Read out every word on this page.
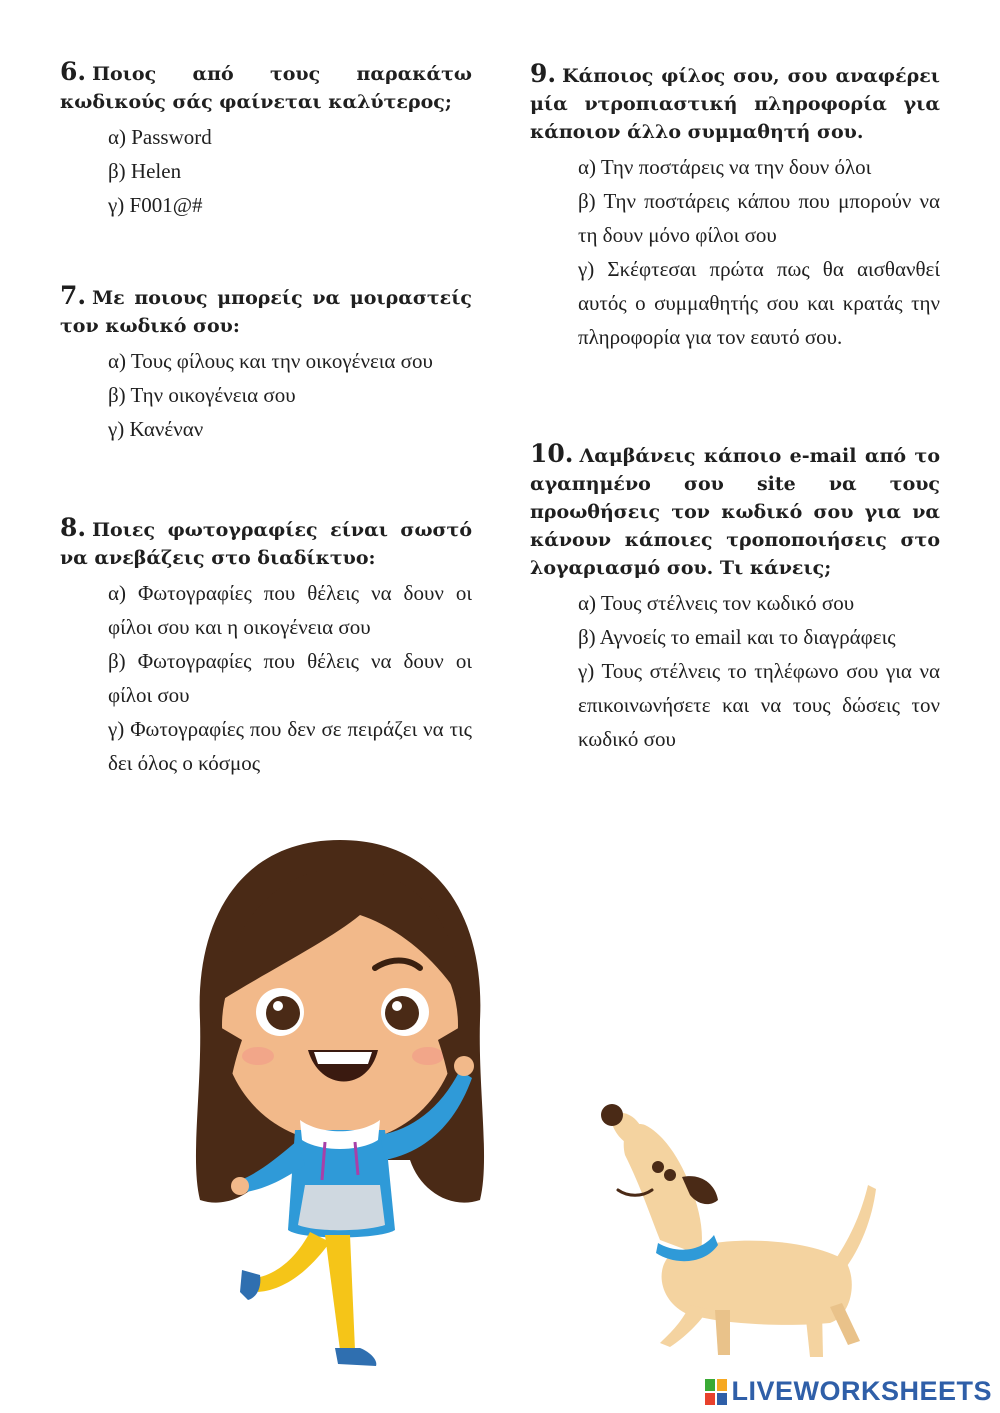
6. Ποιος από τους παρακάτω κωδικούς σάς φαίνεται καλύτερος;

α) Password
β) Helen
γ) F001@#

7. Με ποιους μπορείς να μοιραστείς τον κωδικό σου:

α) Τους φίλους και την οικογένεια σου
β) Την οικογένεια σου
γ) Κανέναν

8. Ποιες φωτογραφίες είναι σωστό να ανεβάζεις στο διαδίκτυο:

α) Φωτογραφίες που θέλεις να δουν οι φίλοι σου και η οικογένεια σου
β) Φωτογραφίες που θέλεις να δουν οι φίλοι σου
γ) Φωτογραφίες που δεν σε πειράζει να τις δει όλος ο κόσμος

9. Κάποιος φίλος σου, σου αναφέρει μία ντροπιαστική πληροφορία για κάποιον άλλο συμμαθητή σου.

α) Την ποστάρεις να την δουν όλοι
β) Την ποστάρεις κάπου που μπορούν να τη δουν μόνο φίλοι σου
γ) Σκέφτεσαι πρώτα πως θα αισθανθεί αυτός ο συμμαθητής σου και κρατάς την πληροφορία για τον εαυτό σου.

10. Λαμβάνεις κάποιο e-mail από το αγαπημένο σου site να τους προωθήσεις τον κωδικό σου για να κάνουν κάποιες τροποποιήσεις στο λογαριασμό σου. Τι κάνεις;

α) Τους στέλνεις τον κωδικό σου
β) Αγνοείς το email και το διαγράφεις
γ) Τους στέλνεις το τηλέφωνο σου για να επικοινωνήσετε και να τους δώσεις τον κωδικό σου
LIVEWORKSHEETS
